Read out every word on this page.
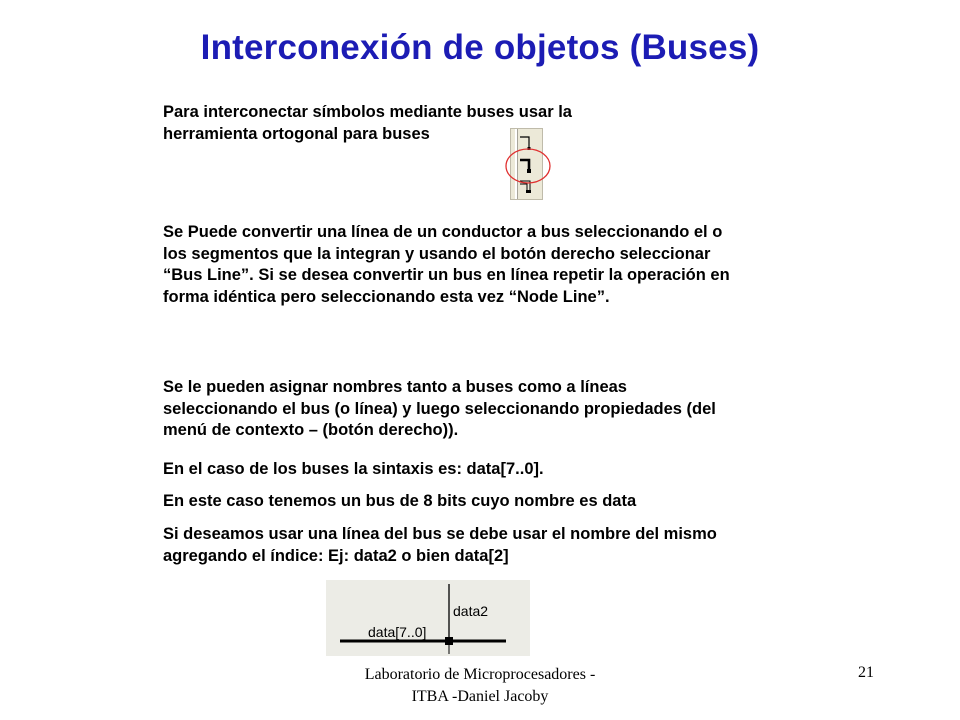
Interconexión de objetos (Buses)

Para interconectar símbolos mediante buses usar la herramienta ortogonal para buses

Se Puede convertir una línea de un conductor a bus seleccionando el o los segmentos que la integran y usando el botón derecho seleccionar “Bus Line”. Si se desea convertir un bus en línea repetir la operación en forma idéntica pero seleccionando esta vez “Node Line”.

Se le pueden asignar nombres tanto a buses como a líneas seleccionando el bus (o línea) y luego seleccionando propiedades (del menú de contexto – (botón derecho)).

En el caso de los buses la sintaxis es: data[7..0].

En este caso tenemos un bus de 8 bits cuyo nombre es data

Si deseamos usar una línea del bus se debe usar el nombre del mismo agregando el índice: Ej: data2 o bien data[2]

data[7..0]
data2
Laboratorio de Microprocesadores -
ITBA -Daniel Jacoby
21
